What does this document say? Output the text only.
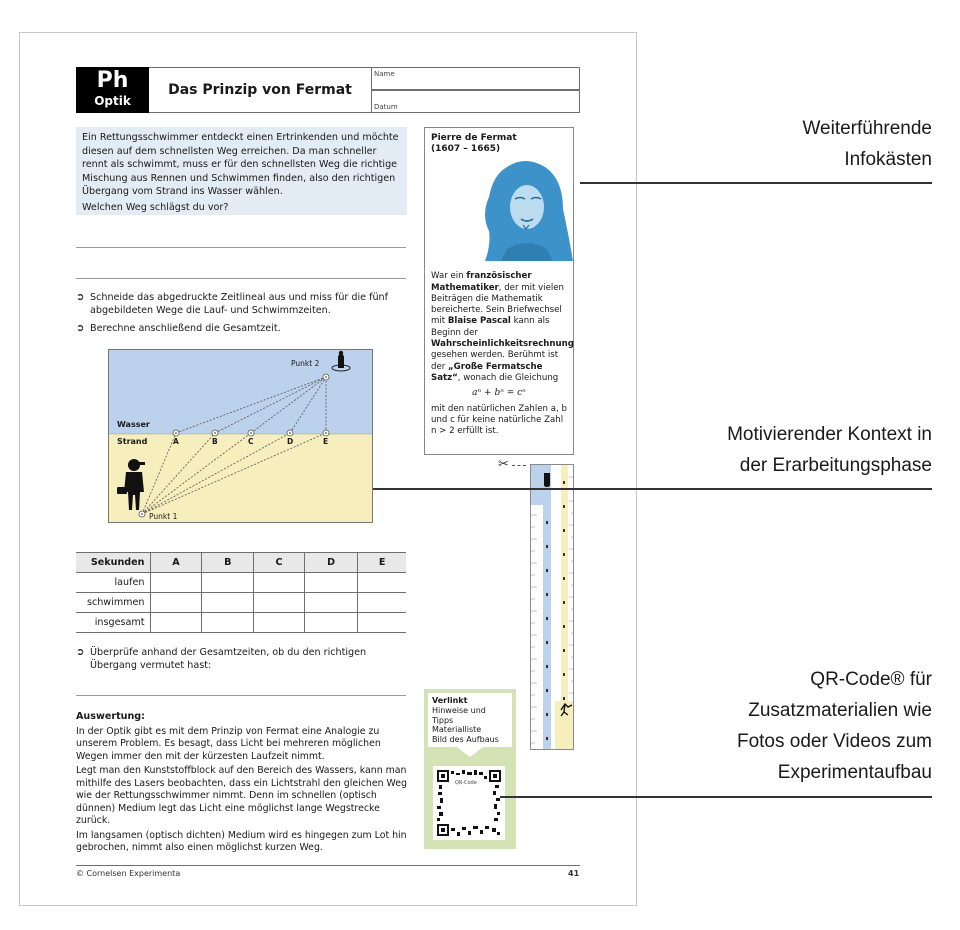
Ph
Optik
Das Prinzip von Fermat
Name
Datum

Ein Rettungsschwimmer entdeckt einen Ertrinkenden und möchte diesen auf dem schnellsten Weg erreichen. Da man schneller rennt als schwimmt, muss er für den schnellsten Weg die richtige Mischung aus Rennen und Schwimmen finden, also den richtigen Übergang vom Strand ins Wasser wählen.

Welchen Weg schlägst du vor?

➲ Schneide das abgedruckte Zeitlineal aus und miss für die fünf abgebildeten Wege die Lauf- und Schwimmzeiten.
➲ Berechne anschließend die Gesamtzeit.
Wasser
Strand
Punkt 1
Punkt 2
A	B	C	D	E
Sekunden	A	B	C	D	E
laufen					
schwimmen					
insgesamt					
➲ Überprüfe anhand der Gesamtzeiten, ob du den richtigen Übergang vermutet hast:
Auswertung:

In der Optik gibt es mit dem Prinzip von Fermat eine Analogie zu unserem Problem. Es besagt, dass Licht bei mehreren möglichen Wegen immer den mit der kürzesten Laufzeit nimmt.

Legt man den Kunststoffblock auf den Bereich des Wassers, kann man mithilfe des Lasers beobachten, dass ein Lichtstrahl den gleichen Weg wie der Rettungsschwimmer nimmt. Denn im schnellen (optisch dünnen) Medium legt das Licht eine möglichst lange Wegstrecke zurück.

Im langsamen (optisch dichten) Medium wird es hingegen zum Lot hin gebrochen, nimmt also einen möglichst kurzen Weg.

Pierre de Fermat
(1607 – 1665)
War ein französischer Mathematiker, der mit vielen Beiträgen die Mathematik bereicherte. Sein Briefwechsel mit Blaise Pascal kann als Beginn der Wahrscheinlichkeitsrechnung gesehen werden. Berühmt ist der „Große Fermatsche Satz“, wonach die Gleichung
aⁿ + bⁿ = cⁿ
mit den natürlichen Zahlen a, b und c für keine natürliche Zahl n > 2 erfüllt ist.
✂
Verlinkt
Hinweise und Tipps
Materialliste
Bild des Aufbaus
QR-Code
© Cornelsen Experimenta	41
Weiterführende
Infokästen
Motivierender Kontext in
der Erarbeitungsphase
QR-Code® für
Zusatzmaterialien wie
Fotos oder Videos zum
Experimentaufbau
